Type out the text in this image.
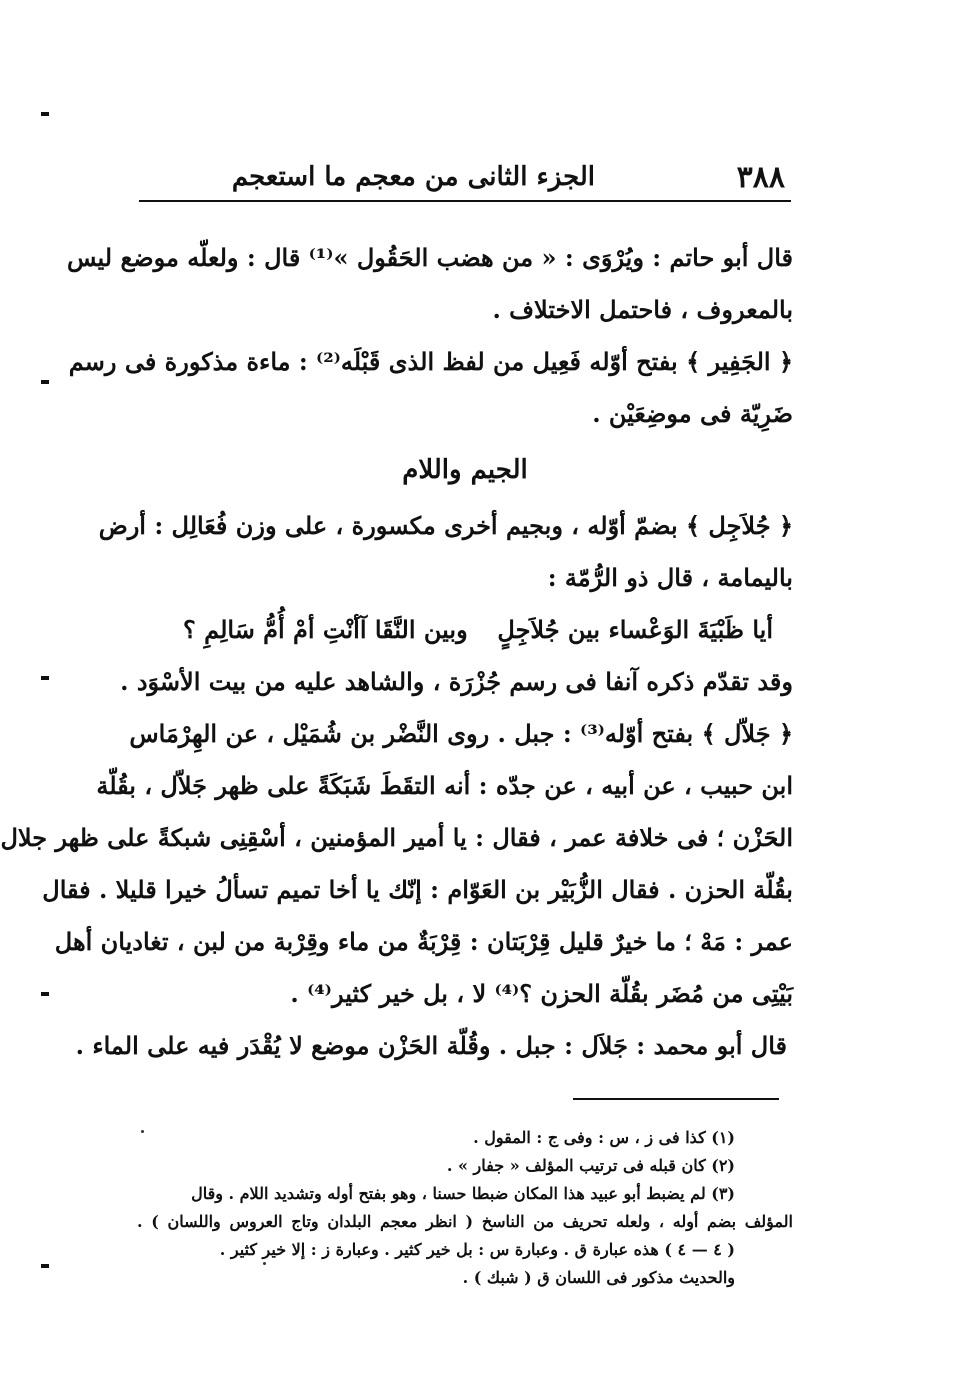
٣٨٨
الجزء الثانى من معجم ما استعجم
قال أبو حاتم : و‌يُرْوَى : « من هضب الحَقُول »⁽¹⁾ قال : ولعلّه موضع ليس
بالمعروف ، فاحتمل الاختلاف .
﴿ الجَفِير ﴾ بفتح أوّله فَعِيل من لفظ الذى قَبْلَه⁽²⁾ : ماءة مذكورة فى رسم
ضَرِيّة فى موضِعَيْن .
الجيم واللام
﴿ جُلاَجِل ﴾ بضمّ أوّله ، وبجيم أخرى مكسورة ، على وزن فُعَالِل : أرض
باليمامة ، قال ذو الرُّمّة :
أيا ظَبْيَةَ الوَعْساء بين جُلاَجِلٍ
وبين النَّقَا آأنْتِ أمْ أُمُّ سَالِمِ ؟
وقد تقدّم ذكره آنفا فى رسم جُزْرَة ، والشاهد عليه من بيت الأسْوَد .
﴿ جَلاّل ﴾ بفتح أوّله⁽³⁾ : جبل . روى النَّضْر بن شُمَيْل ، عن الهِرْمَاس
ابن حبيب ، عن أبيه ، عن جدّه : أنه التقَطَ شَبَكَةً على ظهر جَلاّل ، بقُلّة
الحَزْن ؛ فى خلافة عمر ، فقال : يا أمير المؤمنين ، أسْقِنِى شبكةً على ظهر جلال
بقُلّة الحزن . فقال الزُّبَيْر بن العَوّام : إنّك يا أخا تميم تسألُ خيرا قليلا . فقال
عمر : مَهْ ؛ ما خيرٌ قليل قِرْبَتان : قِرْبَةٌ من ماء وقِرْبة من لبن ، تغاديان أهل
بَيْتِى من مُضَر بقُلّة الحزن ؟⁽⁴⁾ لا ، بل خير كثير⁽⁴⁾ .
قال أبو محمد : جَلاَل : جبل . وقُلّة الحَزْن موضع لا يُقْدَر فيه على الماء .
(١) كذا فى ز ، س : وفى ج : المقول .
(٢) كان قبله فى ترتيب المؤلف « جفار » .
(٣) لم يضبط أبو عبيد هذا المكان ضبطا حسنا ، وهو بفتح أوله وتشديد اللام . وقال
المؤلف بضم أوله ، ولعله تحريف من الناسخ ( انظر معجم البلدان وتاج العروس واللسان ) .
( ٤ — ٤ ) هذه عبارة ق . وعبارة س : بل خير كثير . وعبارة ز : إلا خير كثير .
والحديث مذكور فى اللسان ق ( شبك ) .
